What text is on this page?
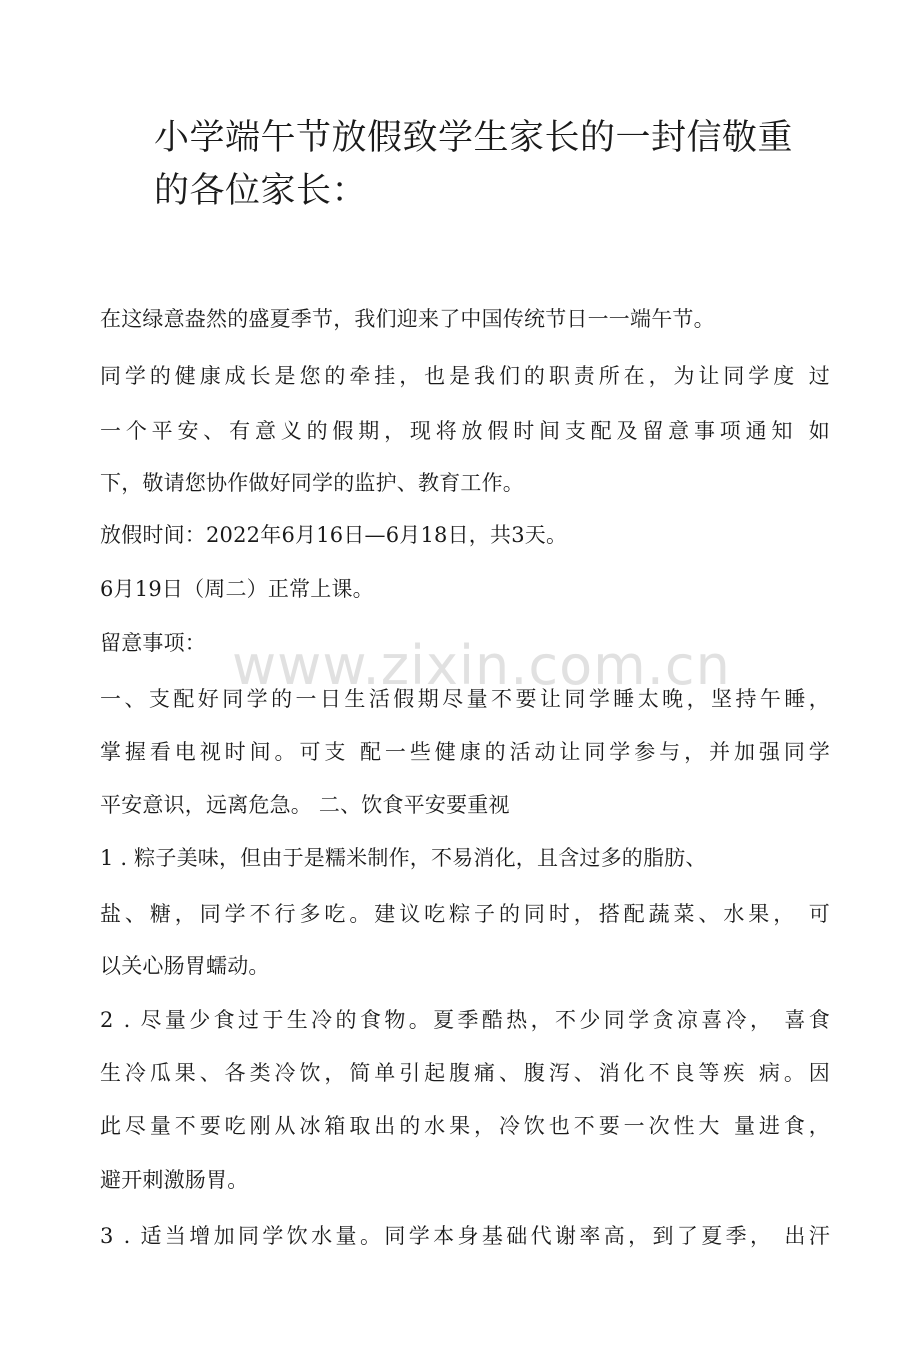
小学端午节放假致学生家长的一封信敬重
的各位家长：
在这绿意盎然的盛夏季节，我们迎来了中国传统节日一一端午节。
同学的健康成长是您的牵挂，也是我们的职责所在，为让同学度 过
一个平安、有意义的假期，现将放假时间支配及留意事项通知 如
下，敬请您协作做好同学的监护、教育工作。
放假时间：2022年6月16日—6月18日，共3天。
6月19日（周二）正常上课。
留意事项：
一、支配好同学的一日生活假期尽量不要让同学睡太晚，坚持午睡，
掌握看电视时间。可支 配一些健康的活动让同学参与，并加强同学
平安意识，远离危急。 二、饮食平安要重视
1 . 粽子美味，但由于是糯米制作，不易消化，且含过多的脂肪、
盐、糖，同学不行多吃。建议吃粽子的同时，搭配蔬菜、水果， 可
以关心肠胃蠕动。
2 . 尽量少食过于生冷的食物。夏季酷热，不少同学贪凉喜冷， 喜食
生冷瓜果、各类冷饮，简单引起腹痛、腹泻、消化不良等疾 病。因
此尽量不要吃刚从冰箱取出的水果，冷饮也不要一次性大 量进食，
避开刺激肠胃。
3 . 适当增加同学饮水量。同学本身基础代谢率高，到了夏季， 出汗
www.zixin.com.cn
